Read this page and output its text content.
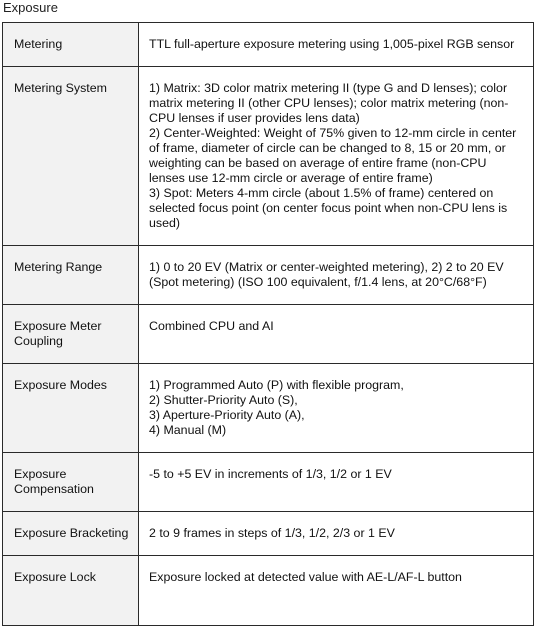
Exposure
Metering	TTL full-aperture exposure metering using 1,005-pixel RGB sensor
Metering System	1) Matrix: 3D color matrix metering II (type G and D lenses); color matrix metering II (other CPU lenses); color matrix metering (non-CPU lenses if user provides lens data)
2) Center-Weighted: Weight of 75% given to 12-mm circle in center of frame, diameter of circle can be changed to 8, 15 or 20 mm, or weighting can be based on average of entire frame (non-CPU lenses use 12-mm circle or average of entire frame)
3) Spot: Meters 4-mm circle (about 1.5% of frame) centered on selected focus point (on center focus point when non-CPU lens is used)
Metering Range	1) 0 to 20 EV (Matrix or center-weighted metering), 2) 2 to 20 EV (Spot metering) (ISO 100 equivalent, f/1.4 lens, at 20°C/68°F)
Exposure Meter Coupling	Combined CPU and AI
Exposure Modes	1) Programmed Auto (P) with flexible program,
2) Shutter-Priority Auto (S),
3) Aperture-Priority Auto (A),
4) Manual (M)
Exposure Compensation	-5 to +5 EV in increments of 1/3, 1/2 or 1 EV
Exposure Bracketing	2 to 9 frames in steps of 1/3, 1/2, 2/3 or 1 EV
Exposure Lock	Exposure locked at detected value with AE-L/AF-L button
